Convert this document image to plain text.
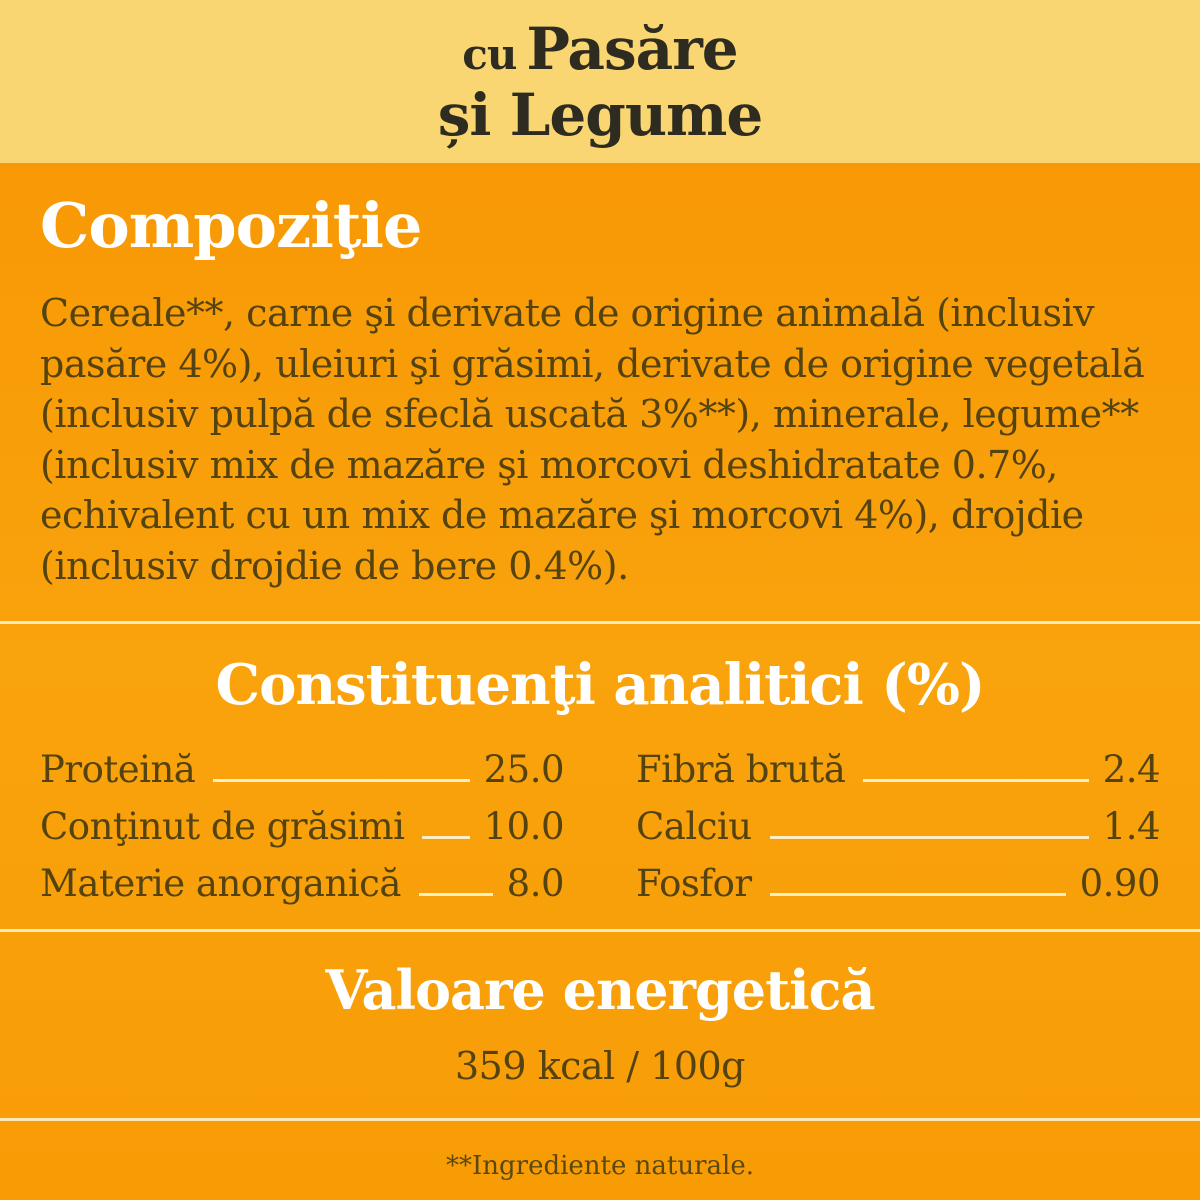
cu Pasăre
și Legume
Compoziţie

Cereale**, carne şi derivate de origine animală (inclusiv pasăre 4%), uleiuri şi grăsimi, derivate de origine vegetală (inclusiv pulpă de sfeclă uscată 3%**), minerale, legume** (inclusiv mix de mazăre şi morcovi deshidratate 0.7%, echivalent cu un mix de mazăre şi morcovi 4%), drojdie (inclusiv drojdie de bere 0.4%).

Constituenţi analitici (%)
Proteină	25.0 Fibră brută	2.4
Conţinut de grăsimi 10.0 Calciu	1.4
Materie anorganică	8.0 Fosfor	0.90
Valoare energetică
359 kcal / 100g
**Ingrediente naturale.
